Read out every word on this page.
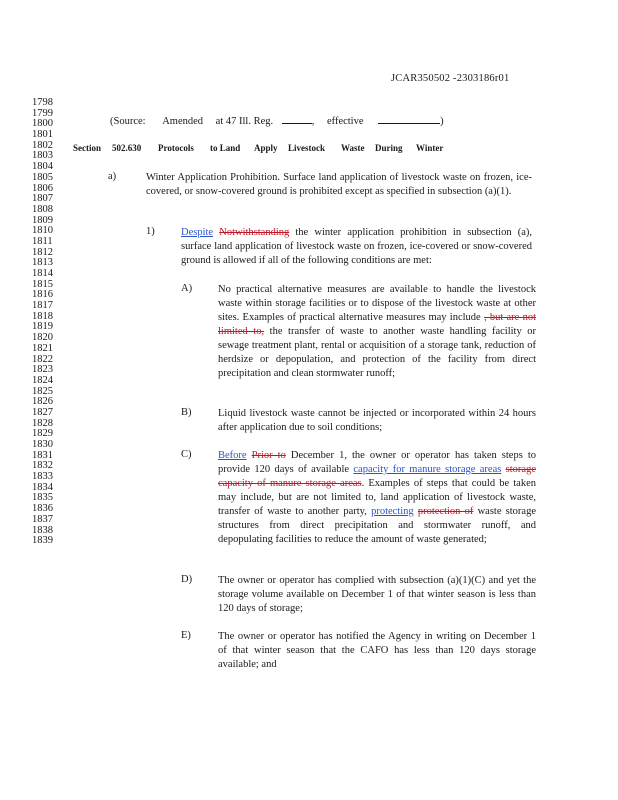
JCAR350502 -2303186r01
1798
1799
1800
1801
1802
1803
1804
1805
1806
1807
1808
1809
1810
1811
1812
1813
1814
1815
1816
1817
1818
1819
1820
1821
1822
1823
1824
1825
1826
1827
1828
1829
1830
1831
1832
1833
1834
1835
1836
1837
1838
1839
(Source: Amended at 47 Ill. Reg.	, effective	)
Section 502.630 Protocols to Land Apply Livestock Waste During Winter
a)	Winter Application Prohibition. Surface land application of livestock waste on frozen, ice-covered, or snow-covered ground is prohibited except as specified in subsection (a)(1).
1)	Despite Notwithstanding the winter application prohibition in subsection (a), surface land application of livestock waste on frozen, ice-covered or snow-covered ground is allowed if all of the following conditions are met:
A) No practical alternative measures are available to handle the livestock waste within storage facilities or to dispose of the livestock waste at other sites. Examples of practical alternative measures may include , but are not limited to, the transfer of waste to another waste handling facility or sewage treatment plant, rental or acquisition of a storage tank, reduction of herdsize or depopulation, and protection of the facility from direct precipitation and clean stormwater runoff;
B)	Liquid livestock waste cannot be injected or incorporated within 24 hours after application due to soil conditions;
C)	Before Prior to December 1, the owner or operator has taken steps to provide 120 days of available capacity for manure storage areas storage capacity of manure storage areas. Examples of steps that could be taken may include, but are not limited to, land application of livestock waste, transfer of waste to another party, protecting protection of waste storage structures from direct precipitation and stormwater runoff, and depopulating facilities to reduce the amount of waste generated;
D) The owner or operator has complied with subsection (a)(1)(C) and yet the storage volume available on December 1 of that winter season is less than 120 days of storage;
E)	The owner or operator has notified the Agency in writing on December 1 of that winter season that the CAFO has less than 120 days storage available; and
